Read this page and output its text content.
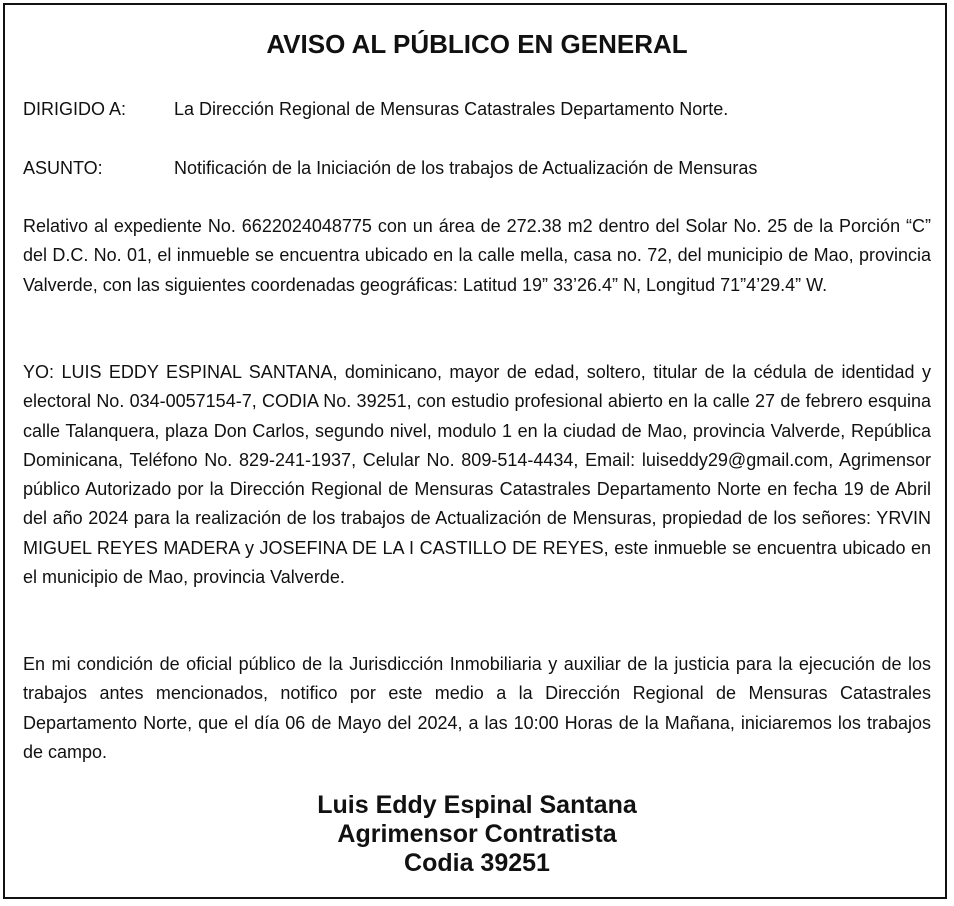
AVISO AL PÚBLICO EN GENERAL
DIRIGIDO A:	La Dirección Regional de Mensuras Catastrales Departamento Norte.
ASUNTO:	Notificación de la Iniciación de los trabajos de Actualización de Mensuras

Relativo al expediente No. 6622024048775 con un área de 272.38 m2 dentro del Solar No. 25 de la Porción “C” del D.C. No. 01, el inmueble se encuentra ubicado en la calle mella, casa no. 72, del municipio de Mao, provincia Valverde, con las siguientes coordenadas geográficas: Latitud 19” 33’26.4” N, Longitud 71”4’29.4” W.

YO: LUIS EDDY ESPINAL SANTANA, dominicano, mayor de edad, soltero, titular de la cédula de identidad y electoral No. 034-0057154-7, CODIA No. 39251, con estudio profesional abierto en la calle 27 de febrero esquina calle Talanquera, plaza Don Carlos, segundo nivel, modulo 1 en la ciudad de Mao, provincia Valverde, República Dominicana, Teléfono No. 829-241-1937, Celular No. 809-514-4434, Email: luiseddy29@gmail.com, Agrimensor público Autorizado por la Dirección Regional de Mensuras Catastrales Departamento Norte en fecha 19 de Abril del año 2024 para la realización de los trabajos de Actualización de Mensuras, propiedad de los señores: YRVIN MIGUEL REYES MADERA y JOSEFINA DE LA I CASTILLO DE REYES, este inmueble se encuentra ubicado en el municipio de Mao, provincia Valverde.

En mi condición de oficial público de la Jurisdicción Inmobiliaria y auxiliar de la justicia para la ejecución de los trabajos antes mencionados, notifico por este medio a la Dirección Regional de Mensuras Catastrales Departamento Norte, que el día 06 de Mayo del 2024, a las 10:00 Horas de la Mañana, iniciaremos los trabajos de campo.

Luis Eddy Espinal Santana
Agrimensor Contratista
Codia 39251
